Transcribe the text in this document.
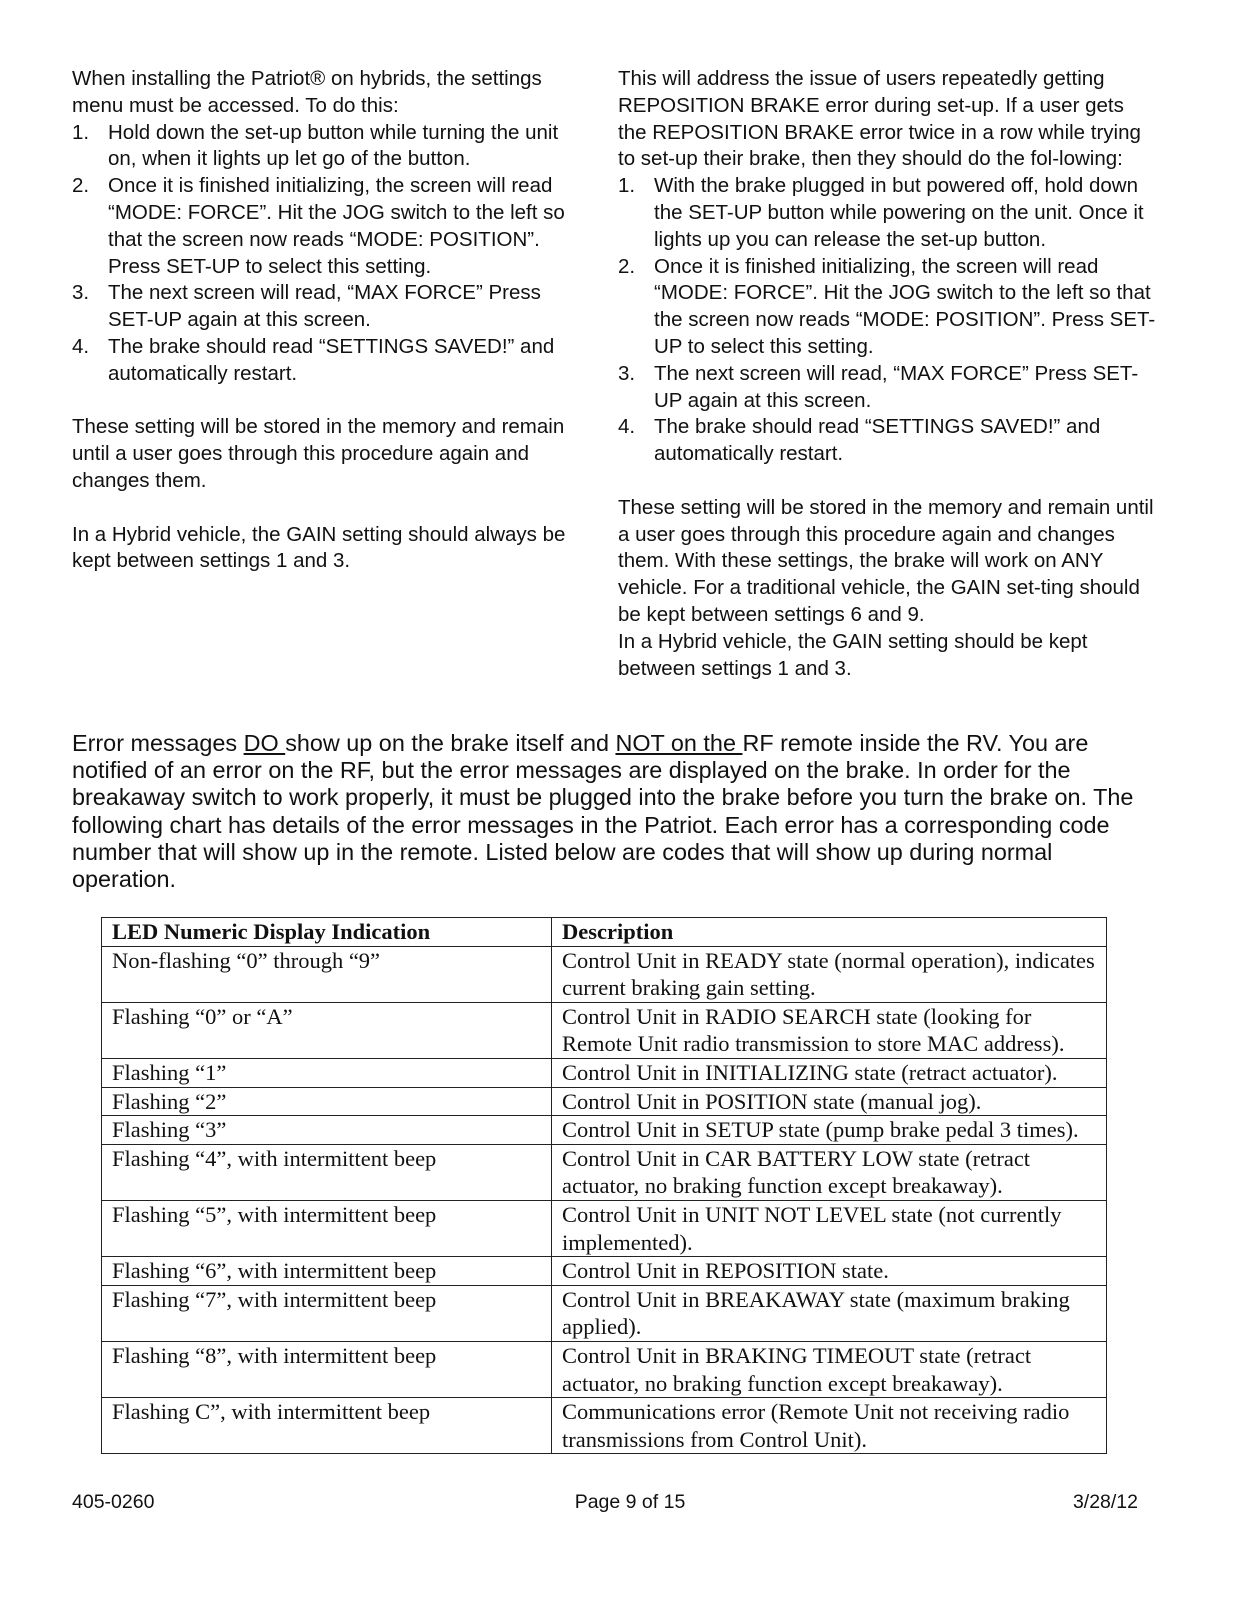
When installing the Patriot® on hybrids, the settings menu must be accessed. To do this:

1. Hold down the set-up button while turning the unit on, when it lights up let go of the button.
2. Once it is finished initializing, the screen will read “MODE: FORCE”. Hit the JOG switch to the left so that the screen now reads “MODE: POSITION”. Press SET-UP to select this setting.
3. The next screen will read, “MAX FORCE” Press SET-UP again at this screen.
4. The brake should read “SETTINGS SAVED!” and automatically restart.

These setting will be stored in the memory and remain until a user goes through this procedure again and changes them.

In a Hybrid vehicle, the GAIN setting should always be kept between settings 1 and 3.

This will address the issue of users repeatedly getting REPOSITION BRAKE error during set-up. If a user gets the REPOSITION BRAKE error twice in a row while trying to set-up their brake, then they should do the fol-lowing:

1. With the brake plugged in but powered off, hold down the SET-UP button while powering on the unit. Once it lights up you can release the set-up button.
2. Once it is finished initializing, the screen will read “MODE: FORCE”. Hit the JOG switch to the left so that the screen now reads “MODE: POSITION”. Press SET-UP to select this setting.
3. The next screen will read, “MAX FORCE” Press SET-UP again at this screen.
4. The brake should read “SETTINGS SAVED!” and automatically restart.

These setting will be stored in the memory and remain until a user goes through this procedure again and changes them. With these settings, the brake will work on ANY vehicle. For a traditional vehicle, the GAIN set-ting should be kept between settings 6 and 9.

In a Hybrid vehicle, the GAIN setting should be kept between settings 1 and 3.

Error messages DO show up on the brake itself and NOT on the RF remote inside the RV. You are notified of an error on the RF, but the error messages are displayed on the brake. In order for the breakaway switch to work properly, it must be plugged into the brake before you turn the brake on. The following chart has details of the error messages in the Patriot. Each error has a corresponding code number that will show up in the remote. Listed below are codes that will show up during normal operation.

LED Numeric Display Indication	Description
Non-flashing “0” through “9”	Control Unit in READY state (normal operation), indicates current braking gain setting.
Flashing “0” or “A”	Control Unit in RADIO SEARCH state (looking for Remote Unit radio transmission to store MAC address).
Flashing “1”	Control Unit in INITIALIZING state (retract actuator).
Flashing “2”	Control Unit in POSITION state (manual jog).
Flashing “3”	Control Unit in SETUP state (pump brake pedal 3 times).
Flashing “4”, with intermittent beep	Control Unit in CAR BATTERY LOW state (retract actuator, no braking function except breakaway).
Flashing “5”, with intermittent beep	Control Unit in UNIT NOT LEVEL state (not currently implemented).
Flashing “6”, with intermittent beep	Control Unit in REPOSITION state.
Flashing “7”, with intermittent beep	Control Unit in BREAKAWAY state (maximum braking applied).
Flashing “8”, with intermittent beep	Control Unit in BRAKING TIMEOUT state (retract actuator, no braking function except breakaway).
Flashing C”, with intermittent beep	Communications error (Remote Unit not receiving radio transmissions from Control Unit).
405-0260	Page 9 of 15	3/28/12
